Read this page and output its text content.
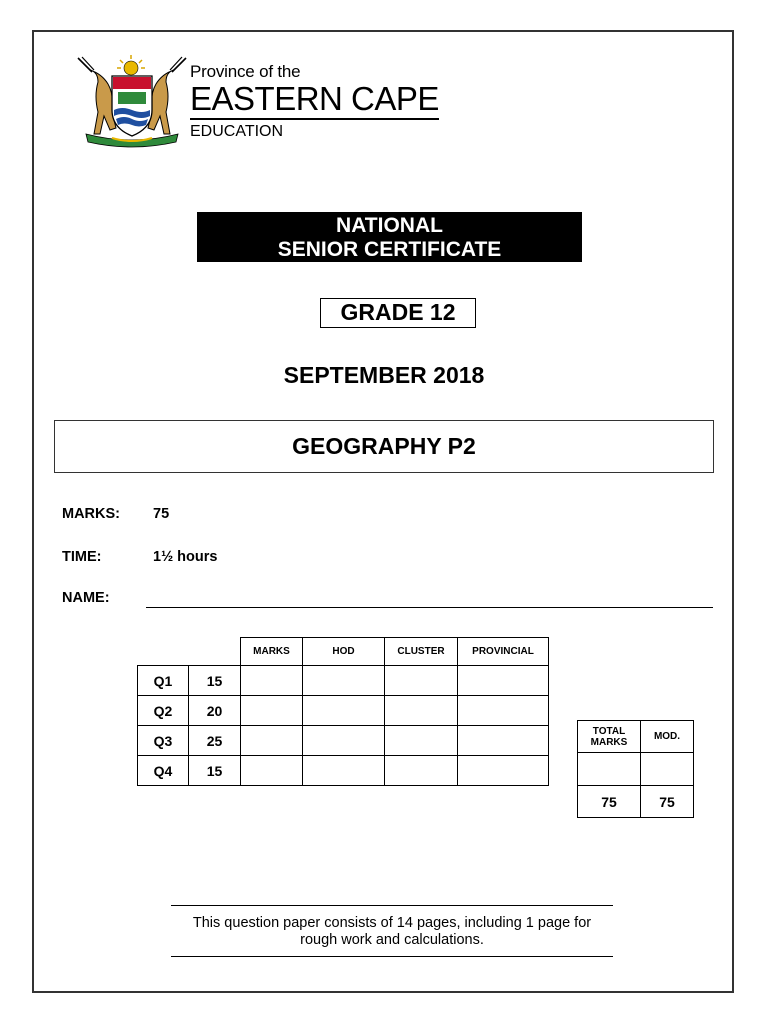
Province of the
EASTERN CAPE
EDUCATION
NATIONAL
SENIOR CERTIFICATE
GRADE 12
SEPTEMBER 2018
GEOGRAPHY P2
MARKS: 75
TIME:	1½ hours
NAME:
		MARKS	HOD	CLUSTER	PROVINCIAL
Q1	15				
Q2	20				
Q3	25				
Q4	15				
TOTAL MARKS	MOD.

75	75
This question paper consists of 14 pages, including 1 page for
rough work and calculations.
